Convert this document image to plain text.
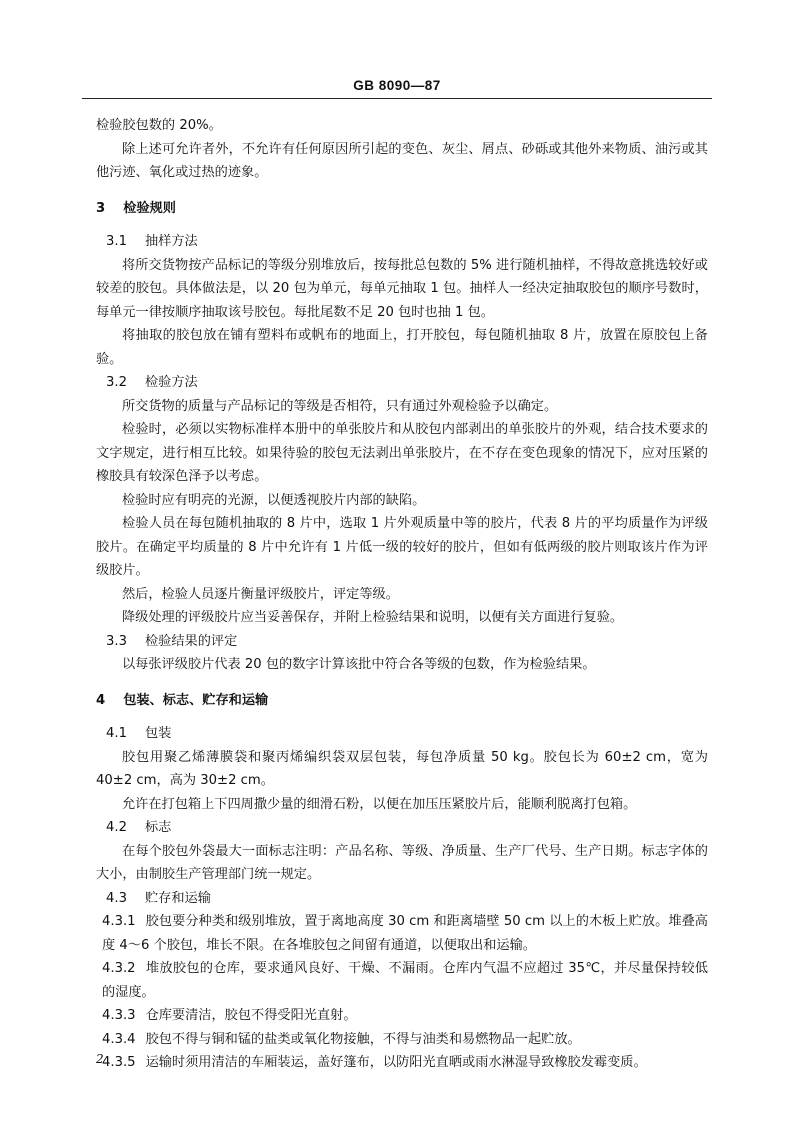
GB 8090—87

检验胶包数的 20%。

除上述可允许者外，不允许有任何原因所引起的变色、灰尘、屑点、砂砾或其他外来物质、油污或其他污迹、氧化或过热的迹象。

3 检验规则

3.1 抽样方法

将所交货物按产品标记的等级分别堆放后，按每批总包数的 5% 进行随机抽样，不得故意挑选较好或较差的胶包。具体做法是，以 20 包为单元，每单元抽取 1 包。抽样人一经决定抽取胶包的顺序号数时，每单元一律按顺序抽取该号胶包。每批尾数不足 20 包时也抽 1 包。

将抽取的胶包放在铺有塑料布或帆布的地面上，打开胶包，每包随机抽取 8 片，放置在原胶包上备验。

3.2 检验方法

所交货物的质量与产品标记的等级是否相符，只有通过外观检验予以确定。

检验时，必须以实物标准样本册中的单张胶片和从胶包内部剥出的单张胶片的外观，结合技术要求的文字规定，进行相互比较。如果待验的胶包无法剥出单张胶片，在不存在变色现象的情况下，应对压紧的橡胶具有较深色泽予以考虑。

检验时应有明亮的光源，以便透视胶片内部的缺陷。

检验人员在每包随机抽取的 8 片中，选取 1 片外观质量中等的胶片，代表 8 片的平均质量作为评级胶片。在确定平均质量的 8 片中允许有 1 片低一级的较好的胶片，但如有低两级的胶片则取该片作为评级胶片。

然后，检验人员逐片衡量评级胶片，评定等级。

降级处理的评级胶片应当妥善保存，并附上检验结果和说明，以便有关方面进行复验。

3.3 检验结果的评定

以每张评级胶片代表 20 包的数字计算该批中符合各等级的包数，作为检验结果。

4 包装、标志、贮存和运输

4.1 包装

胶包用聚乙烯薄膜袋和聚丙烯编织袋双层包装，每包净质量 50 kg。胶包长为 60±2 cm，宽为 40±2 cm，高为 30±2 cm。

允许在打包箱上下四周撒少量的细滑石粉，以便在加压压紧胶片后，能顺利脱离打包箱。

4.2 标志

在每个胶包外袋最大一面标志注明：产品名称、等级、净质量、生产厂代号、生产日期。标志字体的大小，由制胶生产管理部门统一规定。

4.3 贮存和运输

4.3.1 胶包要分种类和级别堆放，置于离地高度 30 cm 和距离墙壁 50 cm 以上的木板上贮放。堆叠高度 4～6 个胶包，堆长不限。在各堆胶包之间留有通道，以便取出和运输。

4.3.2 堆放胶包的仓库，要求通风良好、干燥、不漏雨。仓库内气温不应超过 35℃，并尽量保持较低的湿度。

4.3.3 仓库要清洁，胶包不得受阳光直射。

4.3.4 胶包不得与铜和锰的盐类或氧化物接触，不得与油类和易燃物品一起贮放。

4.3.5 运输时须用清洁的车厢装运，盖好篷布，以防阳光直晒或雨水淋湿导致橡胶发霉变质。

2
